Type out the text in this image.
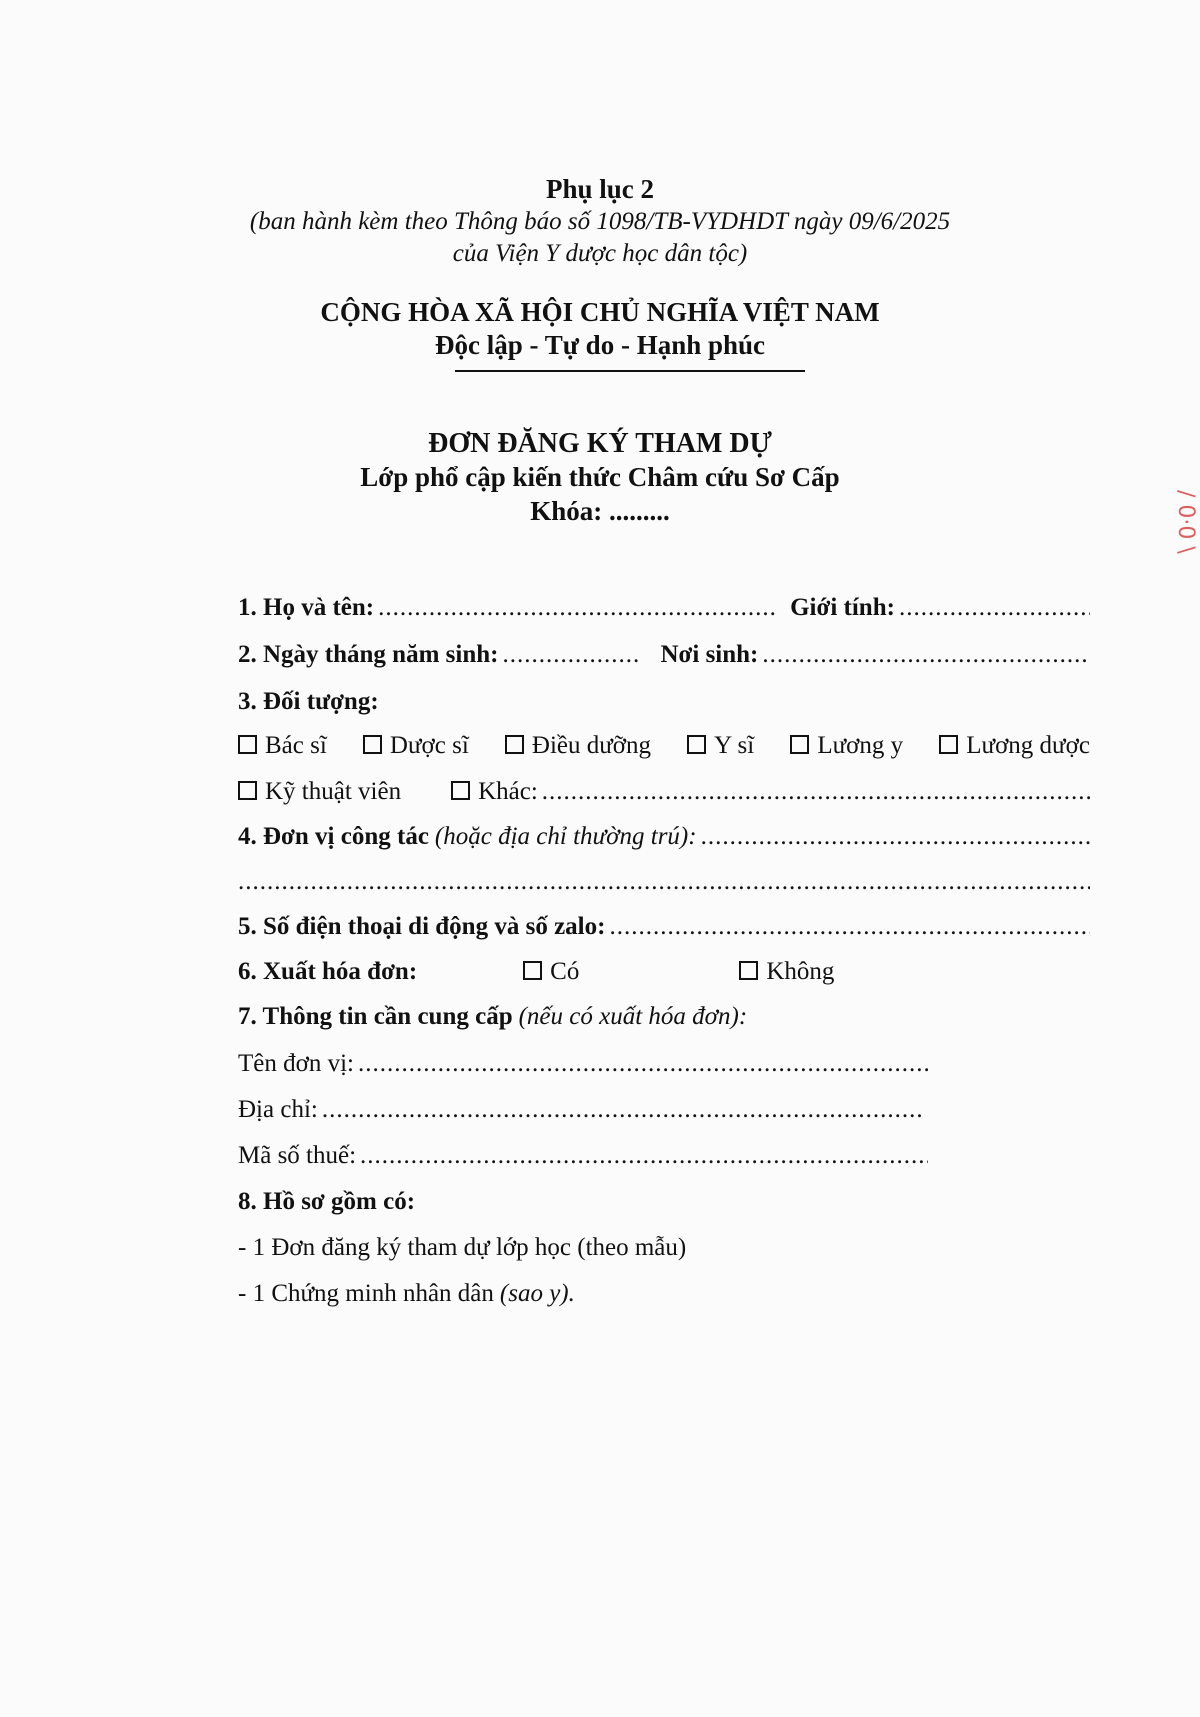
Phụ lục 2
(ban hành kèm theo Thông báo số 1098/TB-VYDHDT ngày 09/6/2025
của Viện Y dược học dân tộc)
CỘNG HÒA XÃ HỘI CHỦ NGHĨA VIỆT NAM
Độc lập - Tự do - Hạnh phúc
ĐƠN ĐĂNG KÝ THAM DỰ
Lớp phổ cập kiến thức Châm cứu Sơ Cấp
Khóa: .........
1. Họ và tên: .....	Giới tính:
.....
2. Ngày tháng năm sinh: .....	Nơi sinh:
.....
3. Đối tượng:
Bác sĩ	Dược sĩ	Điều dưỡng	Y sĩ	Lương y	Lương dược
Kỹ thuật viên	Khác:
.....
4. Đơn vị công tác (hoặc địa chỉ thường trú):
.....
.....
5. Số điện thoại di động và số zalo:
.....
6. Xuất hóa đơn:	Có	Không
7. Thông tin cần cung cấp (nếu có xuất hóa đơn):
Tên đơn vị:
.....
Địa chỉ:
.....
Mã số thuế:
.....
8. Hồ sơ gồm có:
- 1 Đơn đăng ký tham dự lớp học (theo mẫu)
- 1 Chứng minh nhân dân (sao y).
/ 0·0 \
